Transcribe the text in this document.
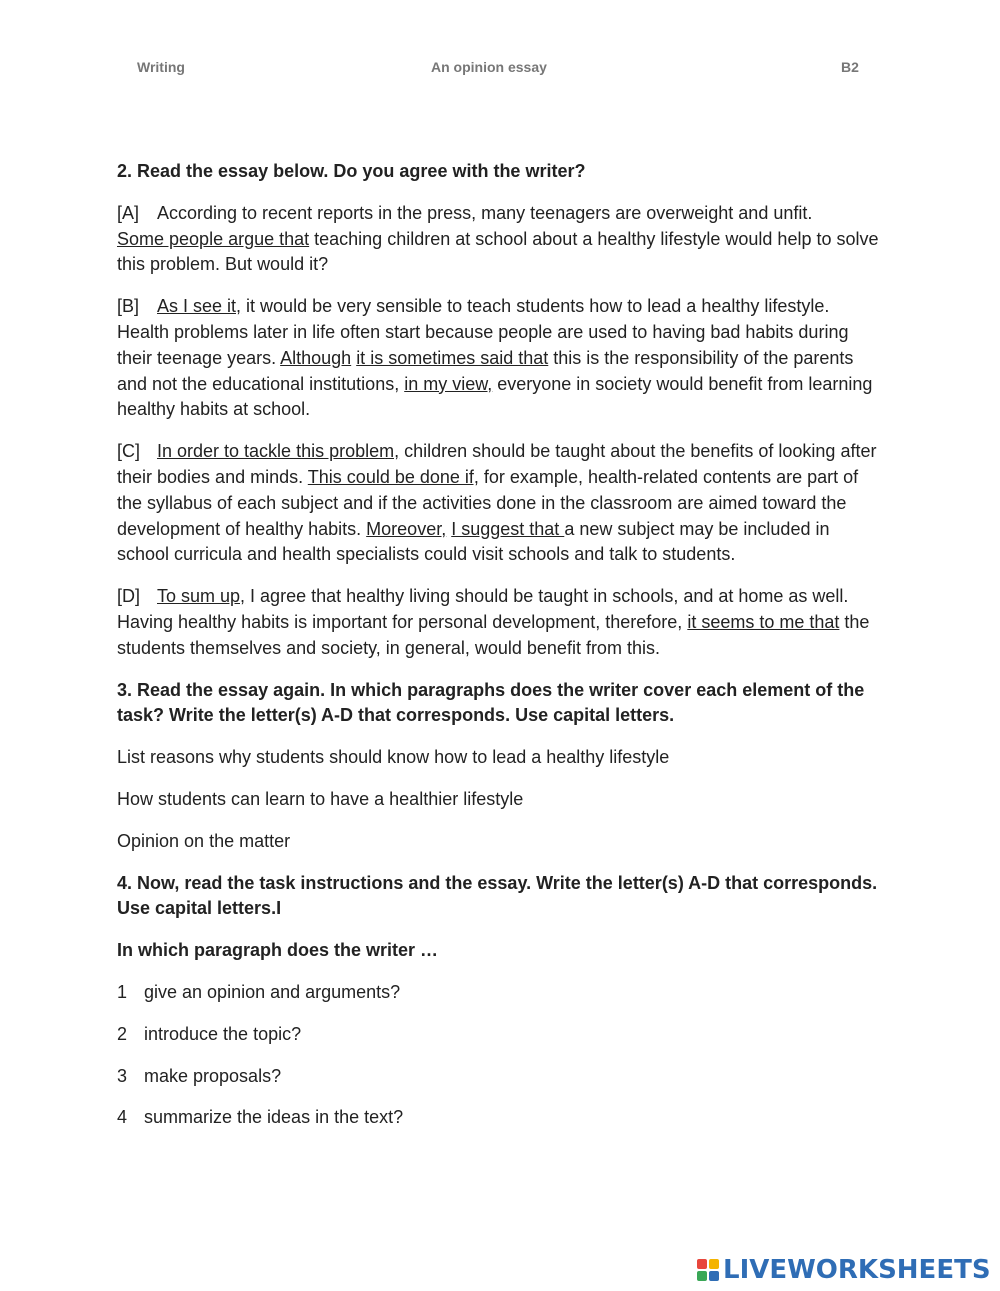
Writing	An opinion essay	B2

2. Read the essay below. Do you agree with the writer?

[A] According to recent reports in the press, many teenagers are overweight and unfit.
Some people argue that teaching children at school about a healthy lifestyle would help to solve this problem. But would it?

[B] As I see it, it would be very sensible to teach students how to lead a healthy lifestyle. Health problems later in life often start because people are used to having bad habits during their teenage years. Although it is sometimes said that this is the responsibility of the parents and not the educational institutions, in my view, everyone in society would benefit from learning healthy habits at school.

[C] In order to tackle this problem, children should be taught about the benefits of looking after their bodies and minds. This could be done if, for example, health-related contents are part of the syllabus of each subject and if the activities done in the classroom are aimed toward the development of healthy habits. Moreover, I suggest that a new subject may be included in school curricula and health specialists could visit schools and talk to students.

[D] To sum up, I agree that healthy living should be taught in schools, and at home as well. Having healthy habits is important for personal development, therefore, it seems to me that the students themselves and society, in general, would benefit from this.

3. Read the essay again. In which paragraphs does the writer cover each element of the task? Write the letter(s) A-D that corresponds. Use capital letters.

List reasons why students should know how to lead a healthy lifestyle

How students can learn to have a healthier lifestyle

Opinion on the matter

4. Now, read the task instructions and the essay. Write the letter(s) A-D that corresponds. Use capital letters.I

In which paragraph does the writer …

1 give an opinion and arguments?

2 introduce the topic?

3 make proposals?

4 summarize the ideas in the text?

LIVEWORKSHEETS
